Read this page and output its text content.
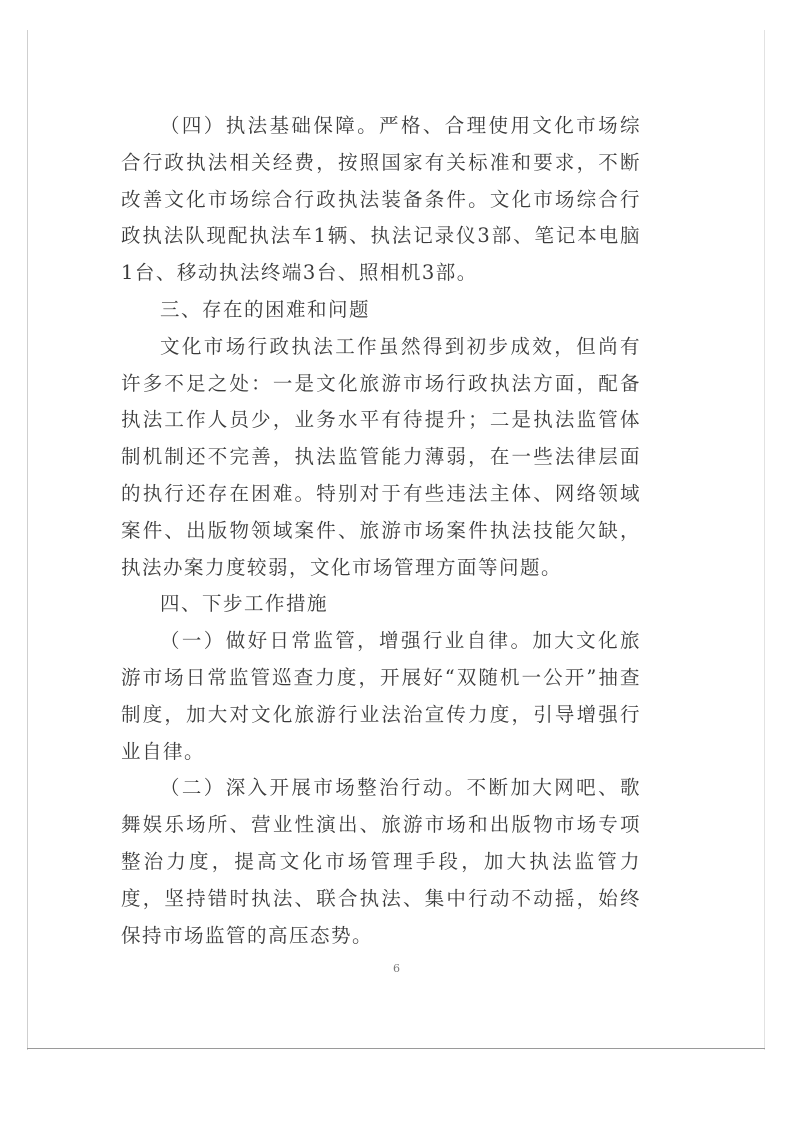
（四）执法基础保障。严格、合理使用文化市场综合行政执法相关经费，按照国家有关标准和要求，不断改善文化市场综合行政执法装备条件。文化市场综合行政执法队现配执法车1辆、执法记录仪3部、笔记本电脑1台、移动执法终端3台、照相机3部。

三、存在的困难和问题

文化市场行政执法工作虽然得到初步成效，但尚有许多不足之处：一是文化旅游市场行政执法方面，配备执法工作人员少，业务水平有待提升；二是执法监管体制机制还不完善，执法监管能力薄弱，在一些法律层面的执行还存在困难。特别对于有些违法主体、网络领域案件、出版物领域案件、旅游市场案件执法技能欠缺，执法办案力度较弱，文化市场管理方面等问题。

四、下步工作措施

（一）做好日常监管，增强行业自律。加大文化旅游市场日常监管巡查力度，开展好“双随机一公开”抽查制度，加大对文化旅游行业法治宣传力度，引导增强行业自律。

（二）深入开展市场整治行动。不断加大网吧、歌舞娱乐场所、营业性演出、旅游市场和出版物市场专项整治力度，提高文化市场管理手段，加大执法监管力度，坚持错时执法、联合执法、集中行动不动摇，始终保持市场监管的高压态势。

6
